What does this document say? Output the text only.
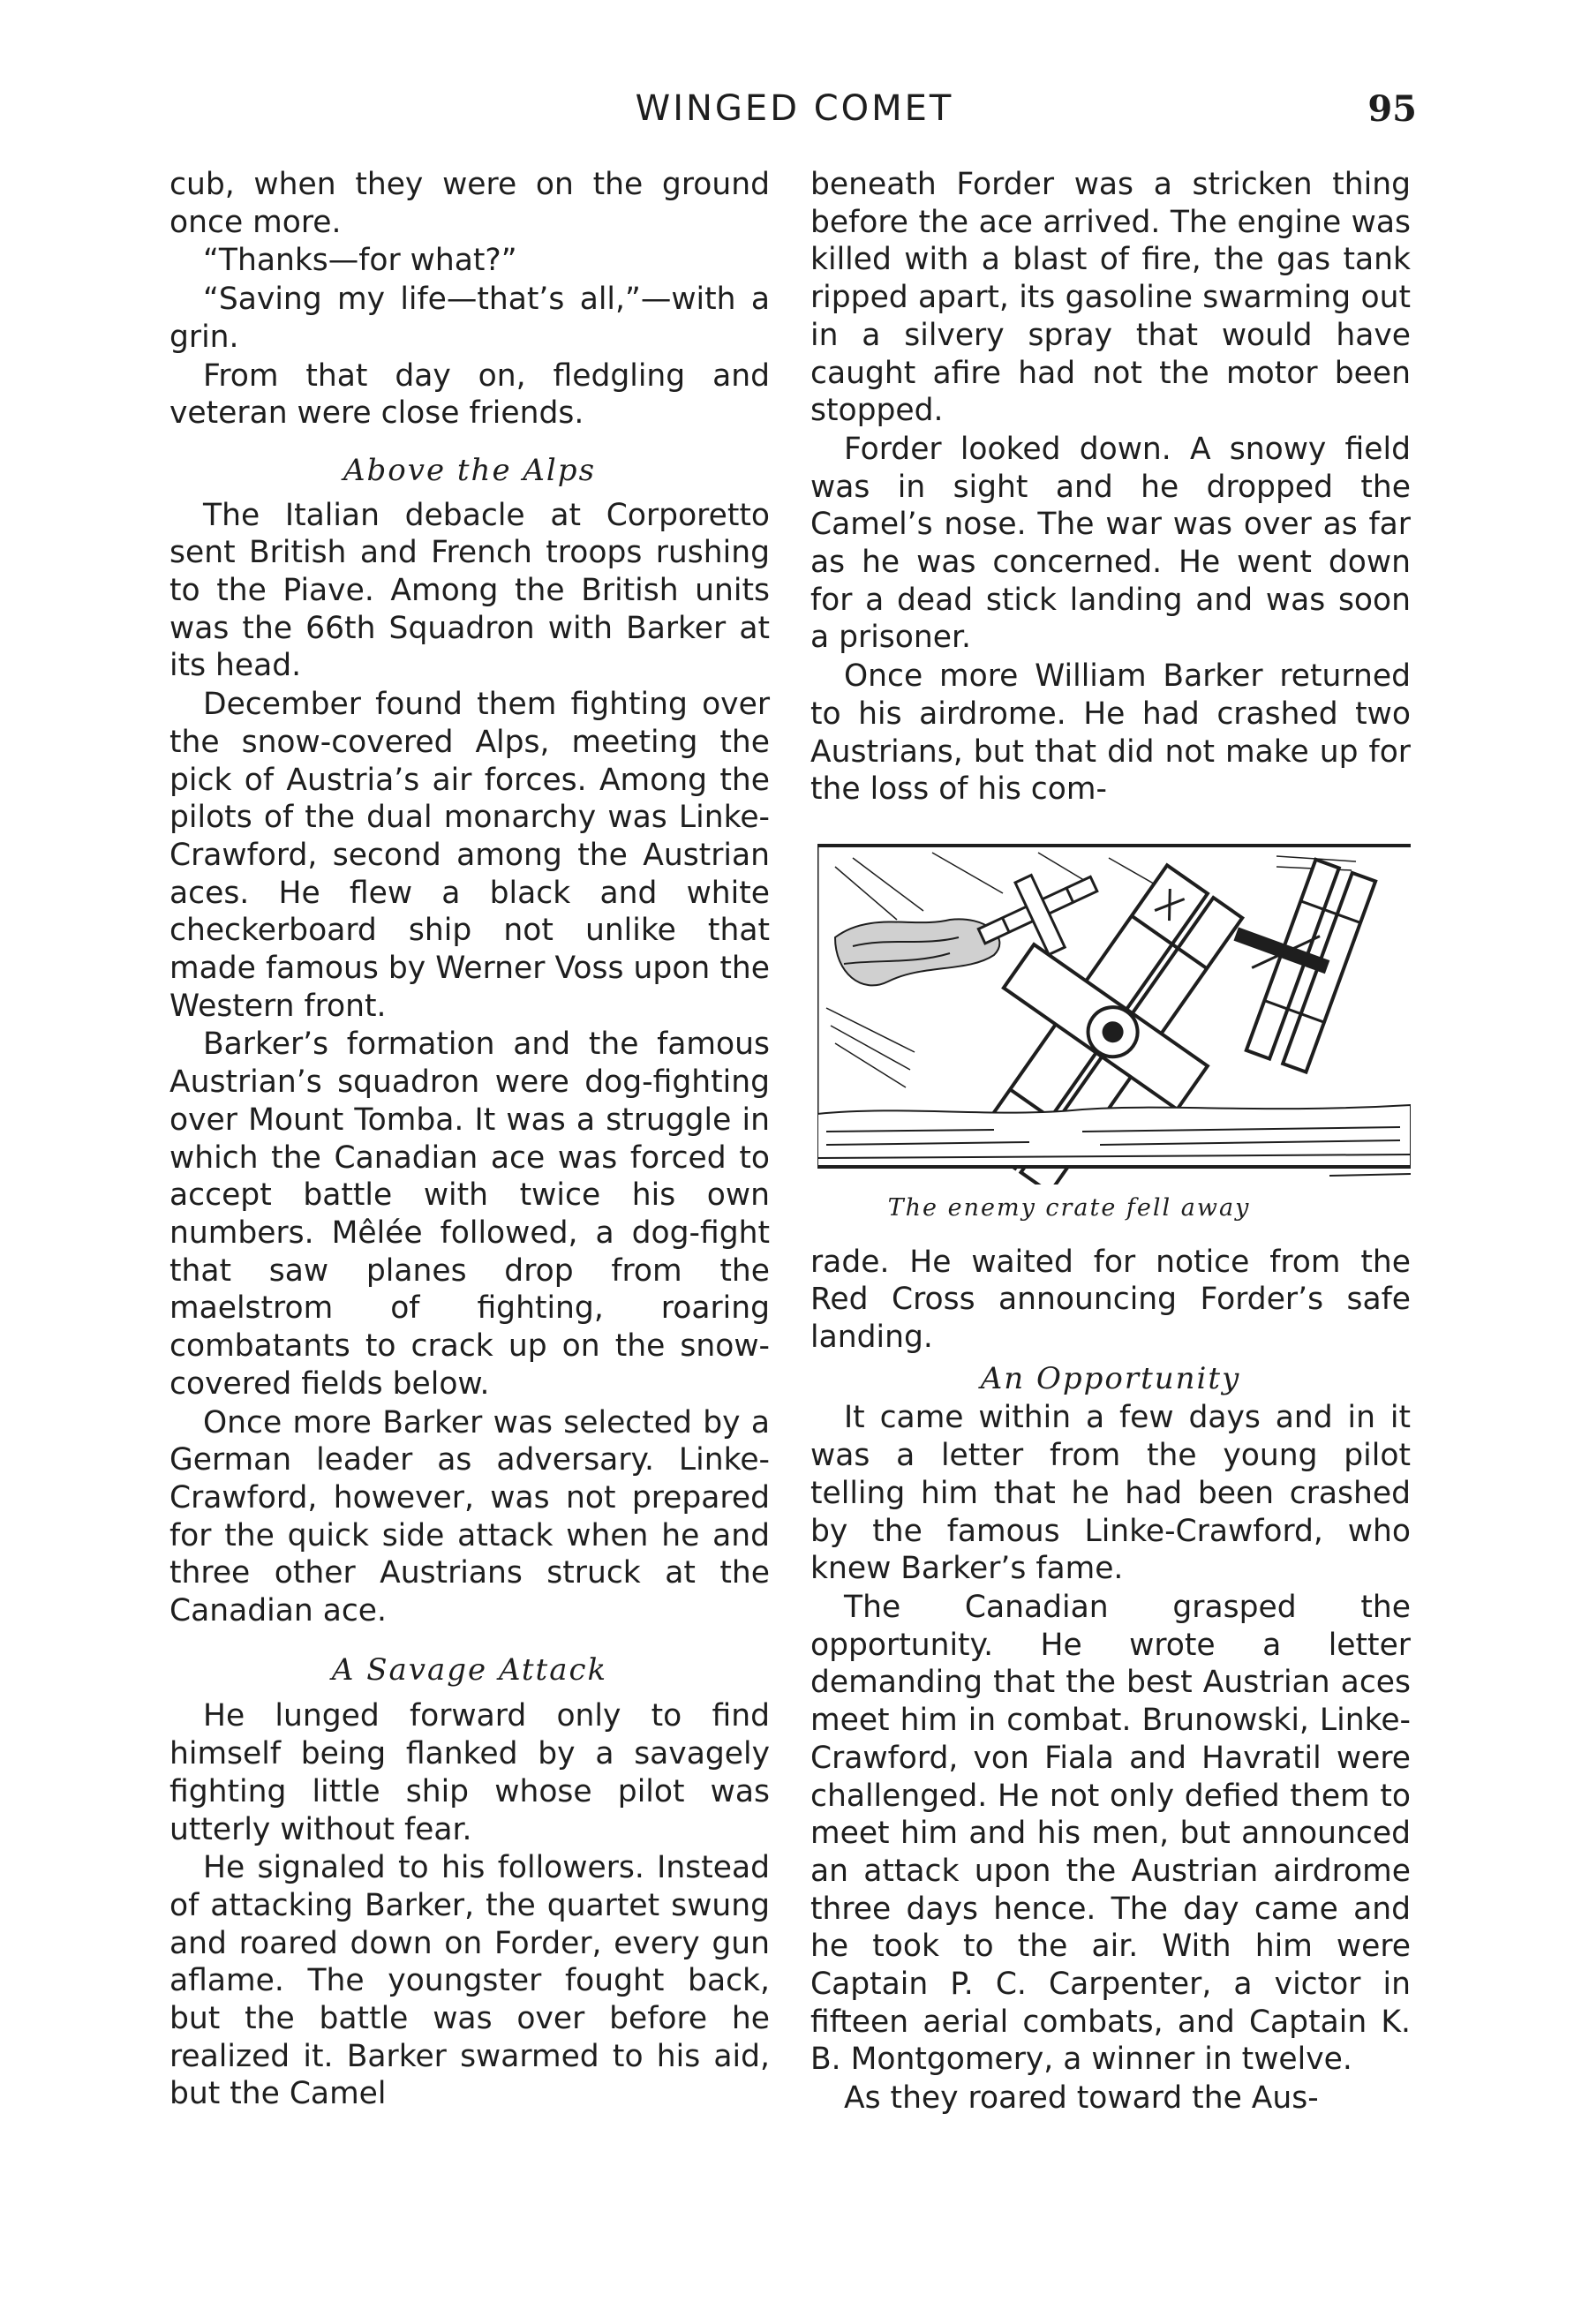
WINGED COMET	95

cub, when they were on the ground once more.

“Thanks—for what?”

“Saving my life—that’s all,”—with a grin.

From that day on, fledgling and veteran were close friends.

Above the Alps

The Italian debacle at Corporetto sent British and French troops rushing to the Piave. Among the British units was the 66th Squadron with Barker at its head.

December found them fighting over the snow-covered Alps, meeting the pick of Austria’s air forces. Among the pilots of the dual monarchy was Linke-Crawford, second among the Austrian aces. He flew a black and white checkerboard ship not unlike that made famous by Werner Voss upon the Western front.

Barker’s formation and the famous Austrian’s squadron were dog-fighting over Mount Tomba. It was a struggle in which the Canadian ace was forced to accept battle with twice his own numbers. Mêlée followed, a dog-fight that saw planes drop from the maelstrom of fighting, roaring combatants to crack up on the snow-covered fields below.

Once more Barker was selected by a German leader as adversary. Linke-Crawford, however, was not prepared for the quick side attack when he and three other Austrians struck at the Canadian ace.

A Savage Attack

He lunged forward only to find himself being flanked by a savagely fighting little ship whose pilot was utterly without fear.

He signaled to his followers. Instead of attacking Barker, the quartet swung and roared down on Forder, every gun aflame. The youngster fought back, but the battle was over before he realized it. Barker swarmed to his aid, but the Camel

beneath Forder was a stricken thing before the ace arrived. The engine was killed with a blast of fire, the gas tank ripped apart, its gasoline swarming out in a silvery spray that would have caught afire had not the motor been stopped.

Forder looked down. A snowy field was in sight and he dropped the Camel’s nose. The war was over as far as he was concerned. He went down for a dead stick landing and was soon a prisoner.

Once more William Barker returned to his airdrome. He had crashed two Austrians, but that did not make up for the loss of his com-

The enemy crate fell away

rade. He waited for notice from the Red Cross announcing Forder’s safe landing.

An Opportunity

It came within a few days and in it was a letter from the young pilot telling him that he had been crashed by the famous Linke-Crawford, who knew Barker’s fame.

The Canadian grasped the opportunity. He wrote a letter demanding that the best Austrian aces meet him in combat. Brunowski, Linke-Crawford, von Fiala and Havratil were challenged. He not only defied them to meet him and his men, but announced an attack upon the Austrian airdrome three days hence. The day came and he took to the air. With him were Captain P. C. Carpenter, a victor in fifteen aerial combats, and Captain K. B. Montgomery, a winner in twelve.

As they roared toward the Aus-
